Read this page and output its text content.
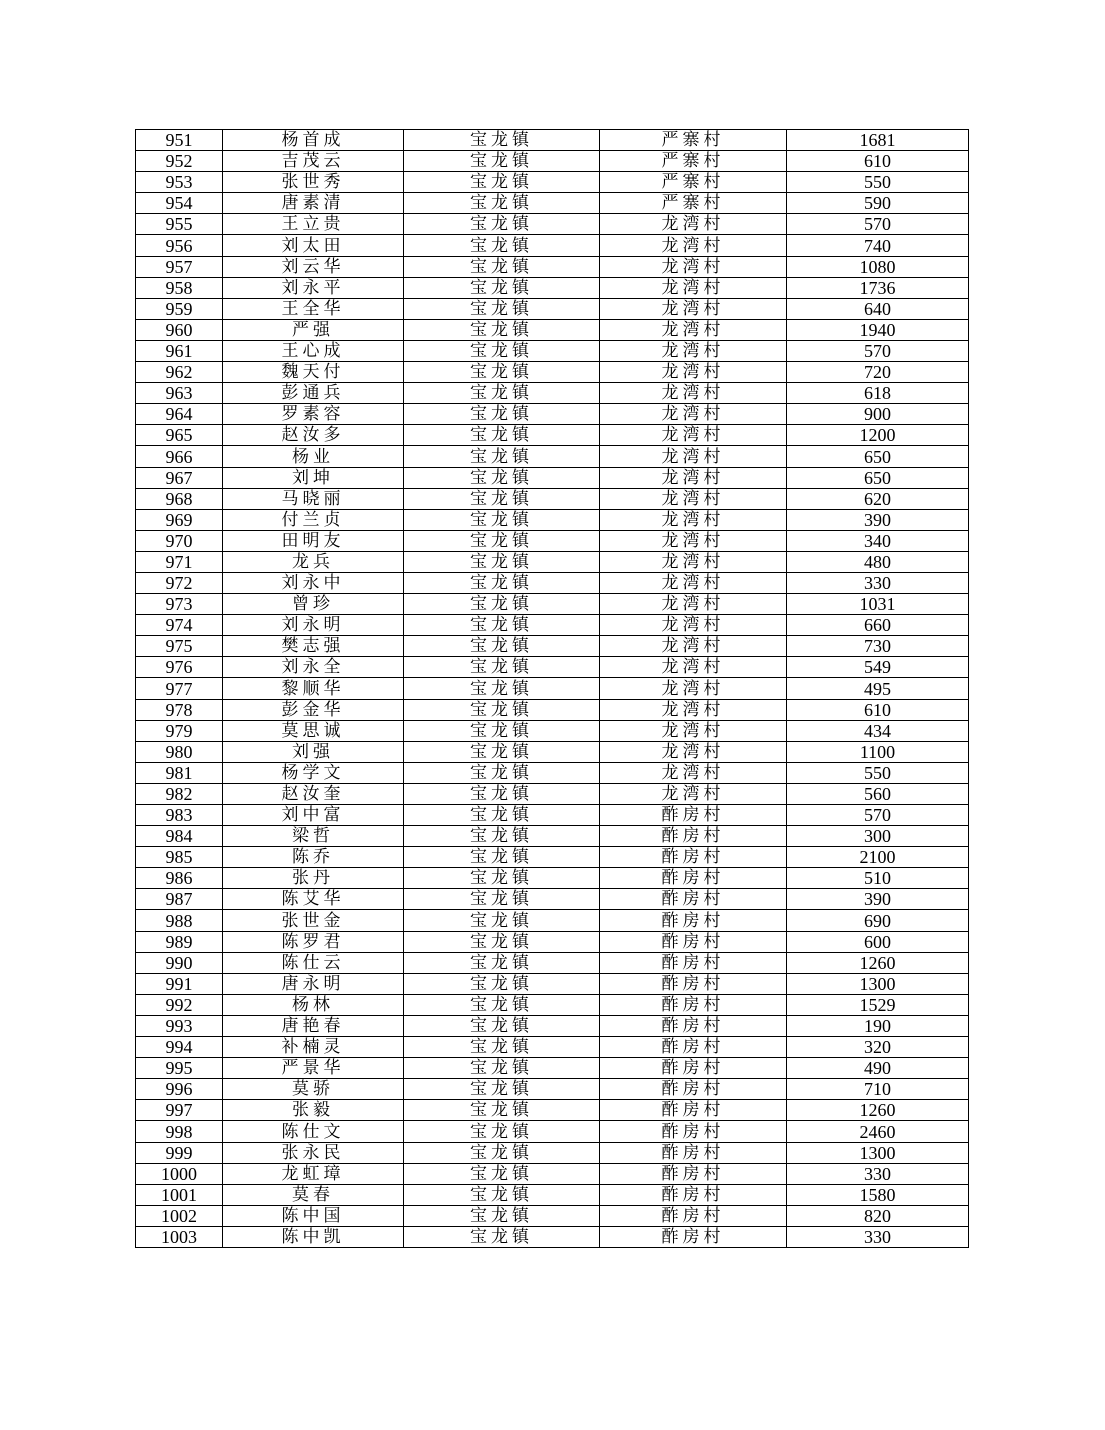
951	杨首成	宝龙镇	严寨村	1681
952	吉茂云	宝龙镇	严寨村	610
953	张世秀	宝龙镇	严寨村	550
954	唐素清	宝龙镇	严寨村	590
955	王立贵	宝龙镇	龙湾村	570
956	刘太田	宝龙镇	龙湾村	740
957	刘云华	宝龙镇	龙湾村	1080
958	刘永平	宝龙镇	龙湾村	1736
959	王全华	宝龙镇	龙湾村	640
960	严强	宝龙镇	龙湾村	1940
961	王心成	宝龙镇	龙湾村	570
962	魏天付	宝龙镇	龙湾村	720
963	彭通兵	宝龙镇	龙湾村	618
964	罗素容	宝龙镇	龙湾村	900
965	赵汝多	宝龙镇	龙湾村	1200
966	杨业	宝龙镇	龙湾村	650
967	刘坤	宝龙镇	龙湾村	650
968	马晓丽	宝龙镇	龙湾村	620
969	付兰贞	宝龙镇	龙湾村	390
970	田明友	宝龙镇	龙湾村	340
971	龙兵	宝龙镇	龙湾村	480
972	刘永中	宝龙镇	龙湾村	330
973	曾珍	宝龙镇	龙湾村	1031
974	刘永明	宝龙镇	龙湾村	660
975	樊志强	宝龙镇	龙湾村	730
976	刘永全	宝龙镇	龙湾村	549
977	黎顺华	宝龙镇	龙湾村	495
978	彭金华	宝龙镇	龙湾村	610
979	莫思诚	宝龙镇	龙湾村	434
980	刘强	宝龙镇	龙湾村	1100
981	杨学文	宝龙镇	龙湾村	550
982	赵汝奎	宝龙镇	龙湾村	560
983	刘中富	宝龙镇	酢房村	570
984	梁哲	宝龙镇	酢房村	300
985	陈乔	宝龙镇	酢房村	2100
986	张丹	宝龙镇	酢房村	510
987	陈艾华	宝龙镇	酢房村	390
988	张世金	宝龙镇	酢房村	690
989	陈罗君	宝龙镇	酢房村	600
990	陈仕云	宝龙镇	酢房村	1260
991	唐永明	宝龙镇	酢房村	1300
992	杨林	宝龙镇	酢房村	1529
993	唐艳春	宝龙镇	酢房村	190
994	补楠灵	宝龙镇	酢房村	320
995	严景华	宝龙镇	酢房村	490
996	莫骄	宝龙镇	酢房村	710
997	张毅	宝龙镇	酢房村	1260
998	陈仕文	宝龙镇	酢房村	2460
999	张永民	宝龙镇	酢房村	1300
1000	龙虹璋	宝龙镇	酢房村	330
1001	莫春	宝龙镇	酢房村	1580
1002	陈中国	宝龙镇	酢房村	820
1003	陈中凯	宝龙镇	酢房村	330
